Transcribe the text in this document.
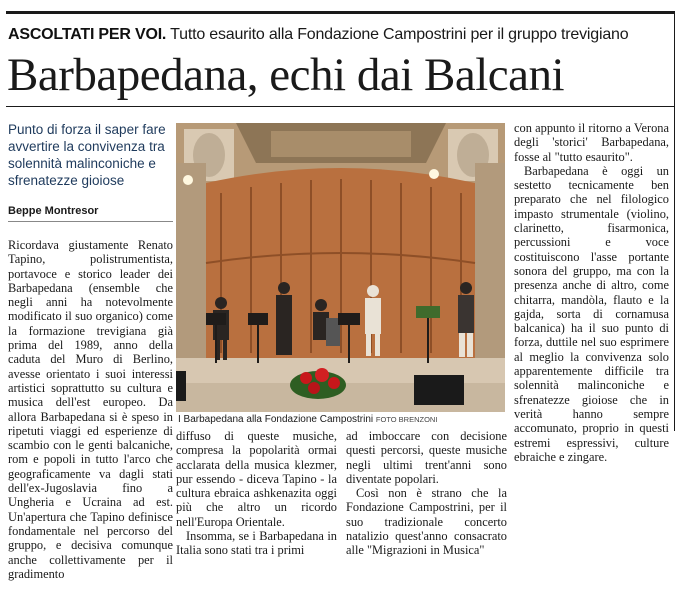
ASCOLTATI PER VOI. Tutto esaurito alla Fondazione Campostrini per il gruppo trevigiano
Barbapedana, echi dai Balcani
Punto di forza il saper fare avvertire la convivenza tra solennità malinconiche e sfrenatezze gioiose
Beppe Montresor

Ricordava giustamente Renato Tapino, polistrumentista, portavoce e storico leader dei Barbapedana (ensemble che negli anni ha notevolmente modificato il suo organico) come la formazione trevigiana già prima del 1989, anno della caduta del Muro di Berlino, avesse orientato i suoi interessi artistici soprattutto su cultura e musica dell'est europeo. Da allora Barbapedana si è speso in ripetuti viaggi ed esperienze di scambio con le genti balcaniche, rom e popoli in tutto l'arco che geograficamente va dagli stati dell'ex-Jugoslavia fino a Ungheria e Ucraina ad est. Un'apertura che Tapino definisce fondamentale nel percorso del gruppo, e decisiva comunque anche collettivamente per il gradimento

I Barbapedana alla Fondazione Campostrini FOTO BRENZONI

diffuso di queste musiche, compresa la popolarità ormai acclarata della musica klezmer, pur essendo - diceva Tapino - la cultura ebraica ashkenazita oggi più che altro un ricordo nell'Europa Orientale.

Insomma, se i Barbapedana in Italia sono stati tra i primi

ad imboccare con decisione questi percorsi, queste musiche negli ultimi trent'anni sono diventate popolari.

Così non è strano che la Fondazione Campostrini, per il suo tradizionale concerto natalizio quest'anno consacrato alle "Migrazioni in Musica"

con appunto il ritorno a Verona degli 'storici' Barbapedana, fosse al "tutto esaurito".

Barbapedana è oggi un sestetto tecnicamente ben preparato che nel filologico impasto strumentale (violino, clarinetto, fisarmonica, percussioni e voce costituiscono l'asse portante sonora del gruppo, ma con la presenza anche di altro, come chitarra, mandòla, flauto e la gajda, sorta di cornamusa balcanica) ha il suo punto di forza, duttile nel suo esprimere al meglio la convivenza solo apparentemente difficile tra solennità malinconiche e sfrenatezze gioiose che in verità hanno sempre accomunato, proprio in questi estremi espressivi, culture ebraiche e zingare.
